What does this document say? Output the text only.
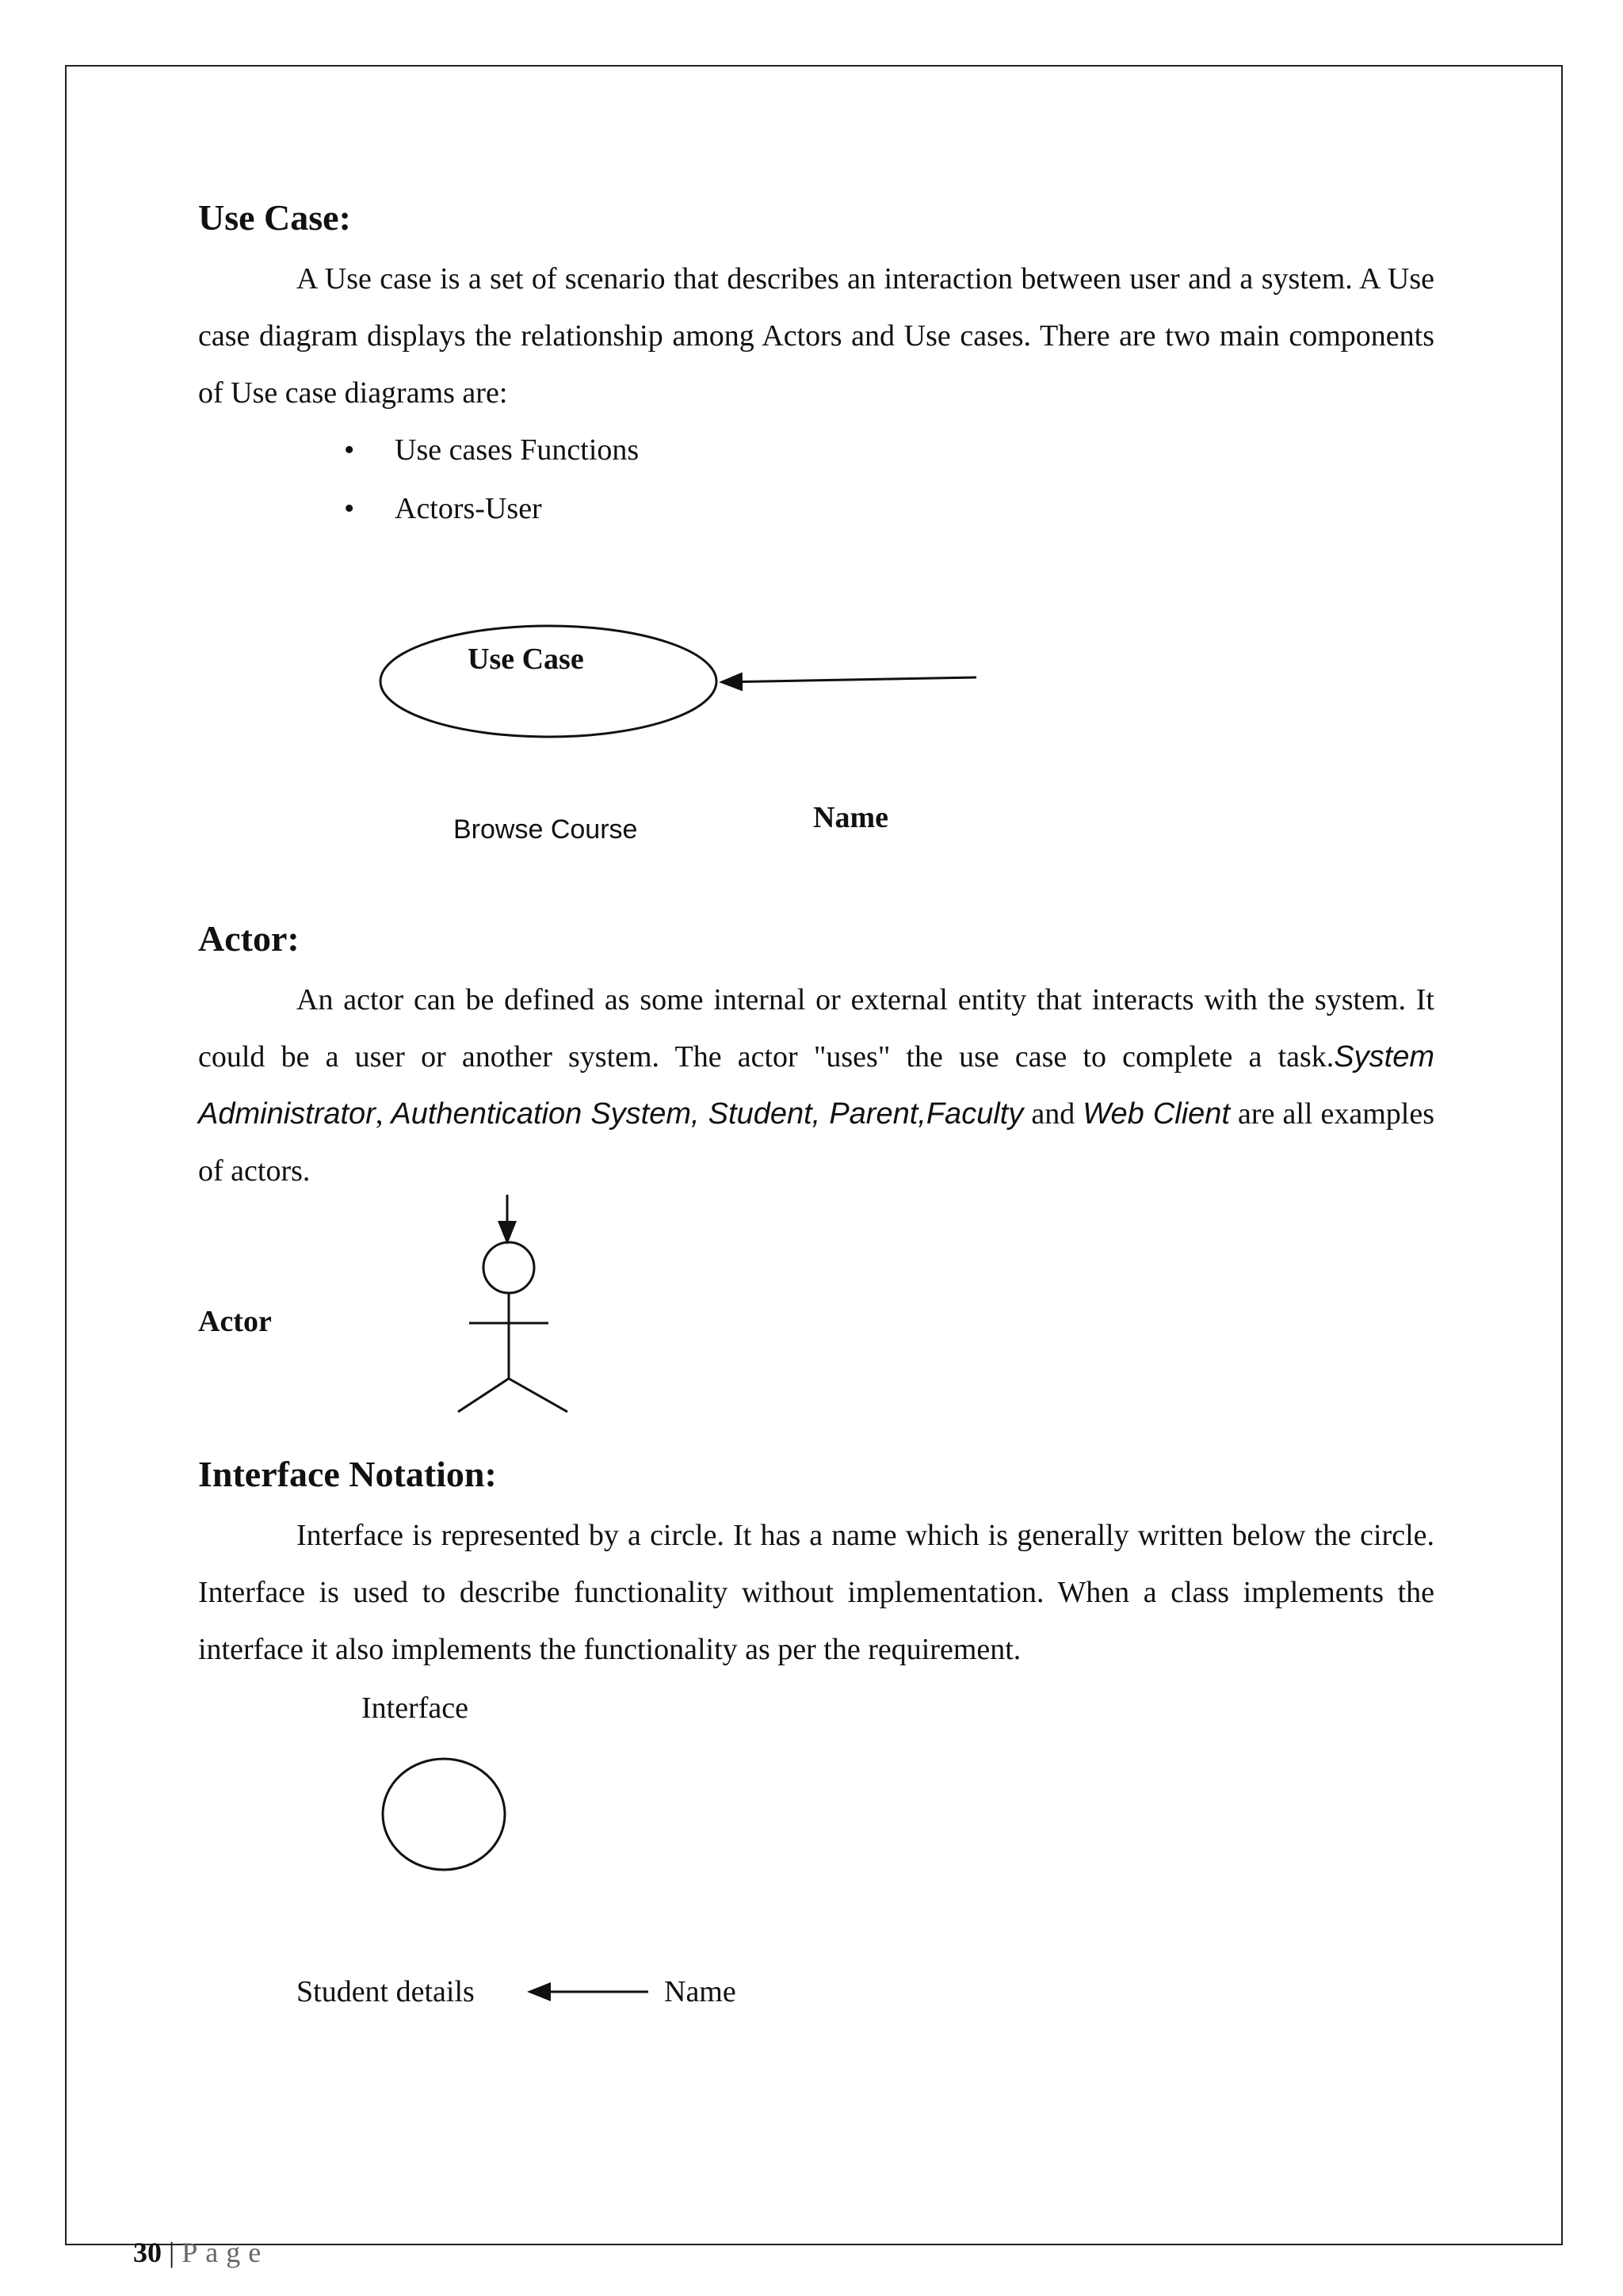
Use Case:
A Use case is a set of scenario that describes an interaction between user and a system. A Use case diagram displays the relationship among Actors and Use cases. There are two main components of Use case diagrams are:
• Use cases Functions
• Actors-User
Use Case
Browse Course	Name
Actor:
An actor can be defined as some internal or external entity that interacts with the system. It could be a user or another system. The actor "uses" the use case to complete a task.System Administrator, Authentication System, Student, Parent,Faculty and Web Client are all examples of actors.
Actor
Interface Notation:
Interface is represented by a circle. It has a name which is generally written below the circle. Interface is used to describe functionality without implementation. When a class implements the interface it also implements the functionality as per the requirement.
Interface
Student details	Name
30 | Page
